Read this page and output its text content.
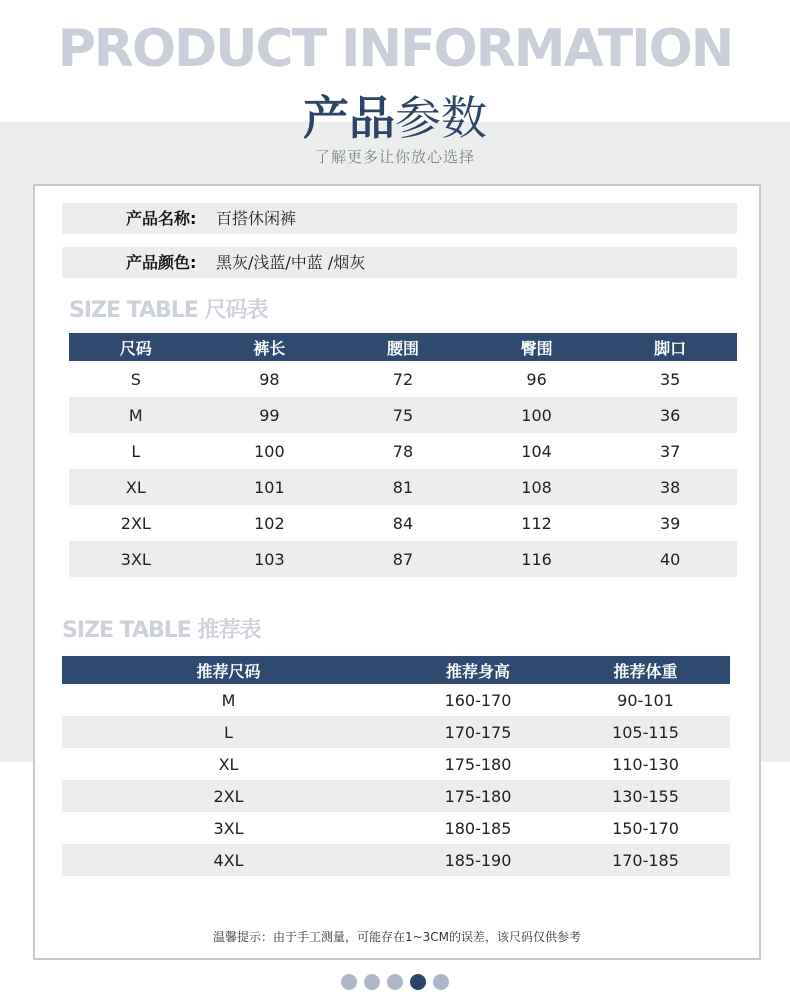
PRODUCT INFORMATION
产品参数
了解更多让你放心选择
产品名称: 百搭休闲裤
产品颜色: 黑灰/浅蓝/中蓝 /烟灰
SIZE TABLE 尺码表
尺码	裤长	腰围	臀围	脚口
S	98	72	96	35
M	99	75	100	36
L	100	78	104	37
XL	101	81	108	38
2XL	102	84	112	39
3XL	103	87	116	40
SIZE TABLE 推荐表
推荐尺码	推荐身高	推荐体重
M	160-170	90-101
L	170-175	105-115
XL	175-180	110-130
2XL	175-180	130-155
3XL	180-185	150-170
4XL	185-190	170-185
温馨提示：由于手工测量，可能存在1~3CM的误差，该尺码仅供参考
